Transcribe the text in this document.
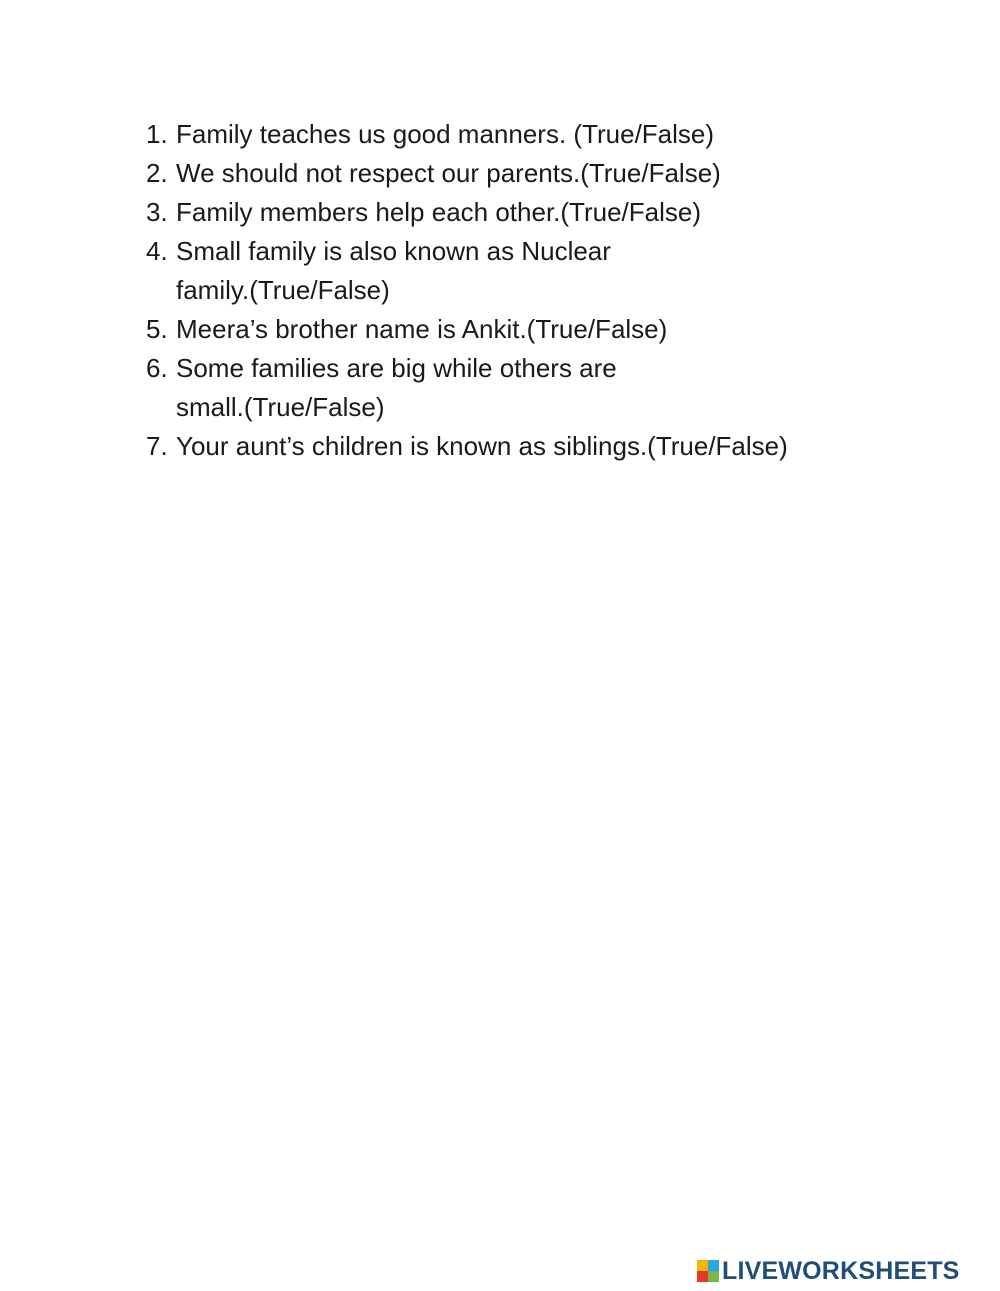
1. Family teaches us good manners. (True/False)
2. We should not respect our parents.(True/False)
3. Family members help each other.(True/False)
4. Small family is also known as Nuclear
family.(True/False)
5. Meera’s brother name is Ankit.(True/False)
6. Some families are big while others are
small.(True/False)
7. Your aunt’s children is known as siblings.(True/False)
LIVEWORKSHEETS
